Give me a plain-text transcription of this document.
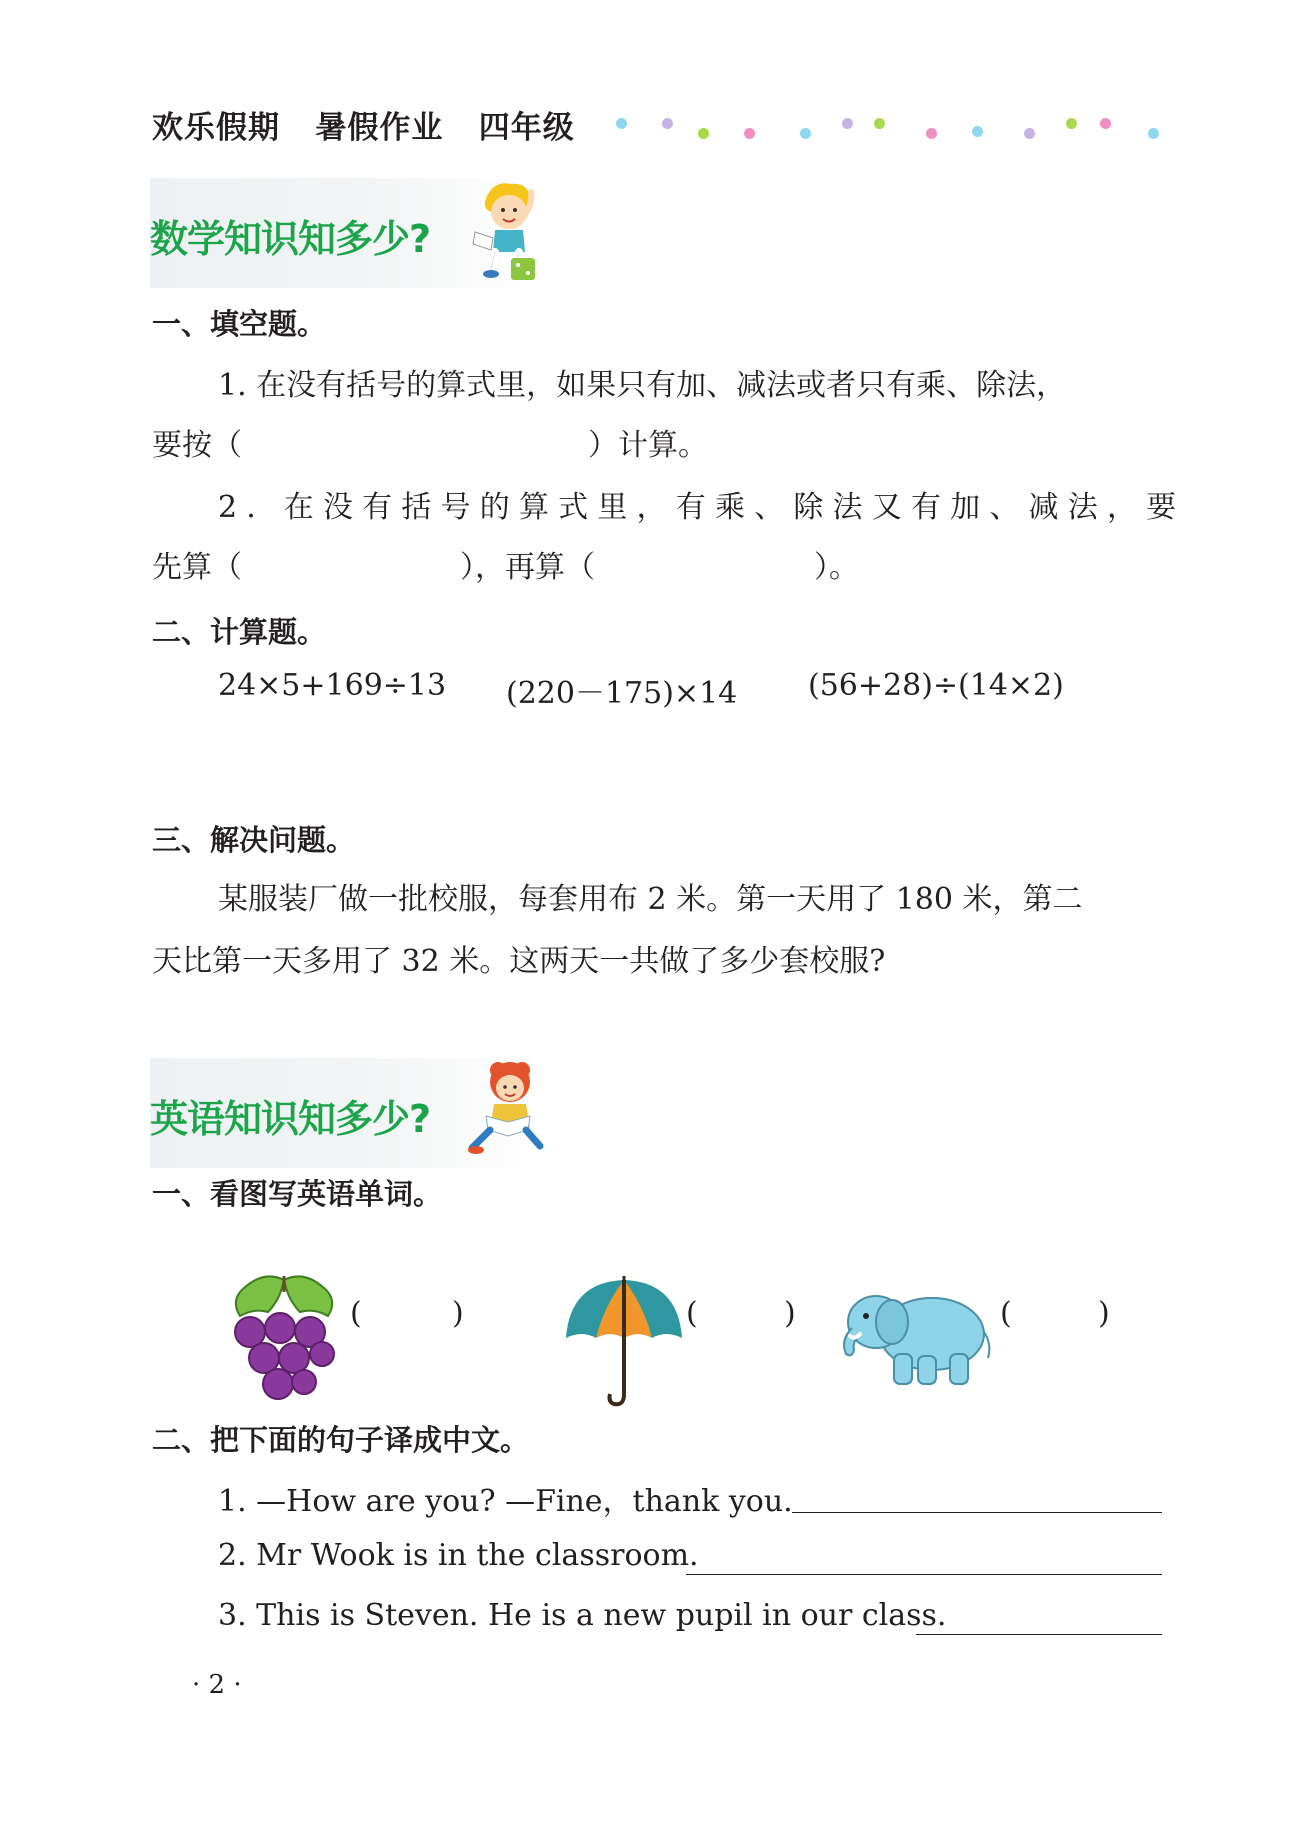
欢乐假期   暑假作业   四年级
数学知识知多少?
一、填空题。
1. 在没有括号的算式里，如果只有加、减法或者只有乘、除法，
要按（	）计算。
2. 在没有括号的算式里，有乘、除法又有加、减法，要
先算（	），再算（	）。
二、计算题。
24×5+169÷13 (220－175)×14 (56+28)÷(14×2)
三、解决问题。
某服装厂做一批校服，每套用布 2 米。第一天用了 180 米，第二
天比第一天多用了 32 米。这两天一共做了多少套校服?
英语知识知多少?
一、看图写英语单词。
(	)	(	)	(	)
二、把下面的句子译成中文。
1. —How are you? —Fine，thank you.
2. Mr Wook is in the classroom.
3. This is Steven. He is a new pupil in our class.
· 2 ·
